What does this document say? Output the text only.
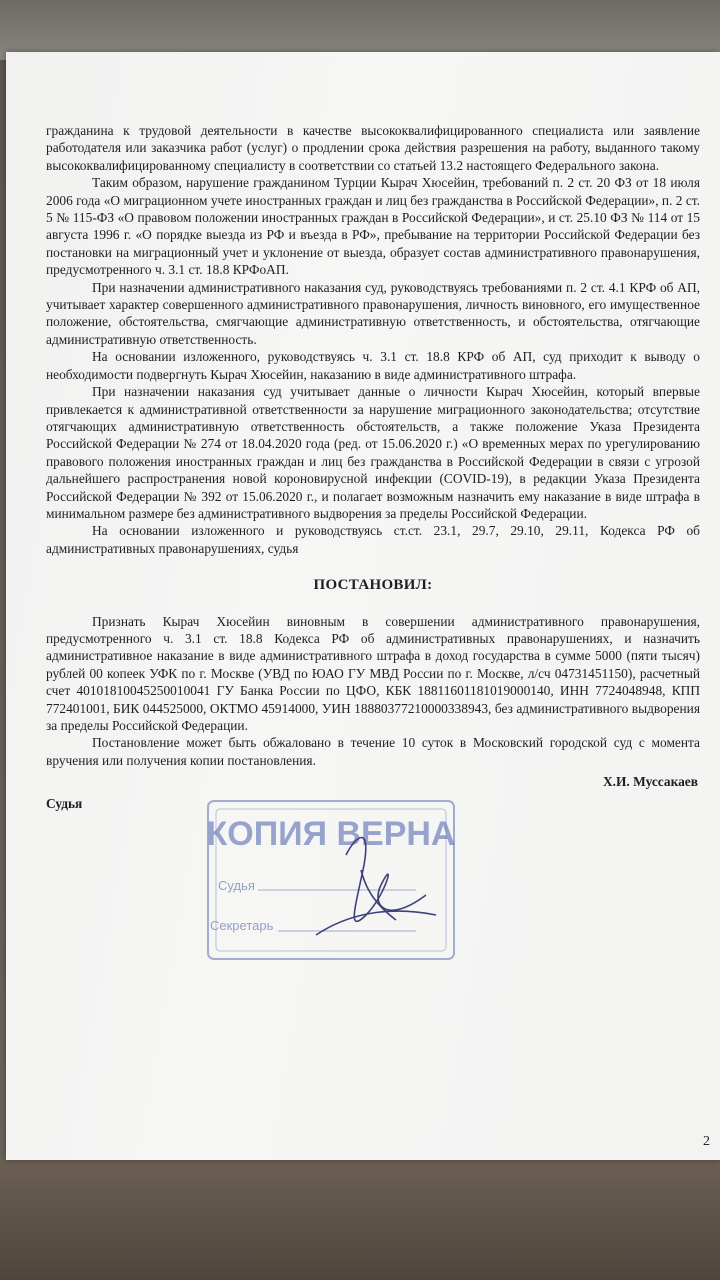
2

гражданина к трудовой деятельности в качестве высококвалифицированного специалиста или заявление работодателя или заказчика работ (услуг) о продлении срока действия разрешения на работу, выданного такому высококвалифицированному специалисту в соответствии со статьей 13.2 настоящего Федерального закона.

Таким образом, нарушение гражданином Турции Кырач Хюсейин, требований п. 2 ст. 20 ФЗ от 18 июля 2006 года «О миграционном учете иностранных граждан и лиц без гражданства в Российской Федерации», п. 2 ст. 5 № 115-ФЗ «О правовом положении иностранных граждан в Российской Федерации», и ст. 25.10 ФЗ № 114 от 15 августа 1996 г. «О порядке выезда из РФ и въезда в РФ», пребывание на территории Российской Федерации без постановки на миграционный учет и уклонение от выезда, образует состав административного правонарушения, предусмотренного ч. 3.1 ст. 18.8 КРФоАП.

При назначении административного наказания суд, руководствуясь требованиями п. 2 ст. 4.1 КРФ об АП, учитывает характер совершенного административного правонарушения, личность виновного, его имущественное положение, обстоятельства, смягчающие административную ответственность, и обстоятельства, отягчающие административную ответственность.

На основании изложенного, руководствуясь ч. 3.1 ст. 18.8 КРФ об АП, суд приходит к выводу о необходимости подвергнуть Кырач Хюсейин, наказанию в виде административного штрафа.

При назначении наказания суд учитывает данные о личности Кырач Хюсейин, который впервые привлекается к административной ответственности за нарушение миграционного законодательства; отсутствие отягчающих административную ответственность обстоятельств, а также положение Указа Президента Российской Федерации № 274 от 18.04.2020 года (ред. от 15.06.2020 г.) «О временных мерах по урегулированию правового положения иностранных граждан и лиц без гражданства в Российской Федерации в связи с угрозой дальнейшего распространения новой короновирусной инфекции (COVID-19), в редакции Указа Президента Российской Федерации № 392 от 15.06.2020 г., и полагает возможным назначить ему наказание в виде штрафа в минимальном размере без административного выдворения за пределы Российской Федерации.

На основании изложенного и руководствуясь ст.ст. 23.1, 29.7, 29.10, 29.11, Кодекса РФ об административных правонарушениях, судья

ПОСТАНОВИЛ:

Признать Кырач Хюсейин виновным в совершении административного правонарушения, предусмотренного ч. 3.1 ст. 18.8 Кодекса РФ об административных правонарушениях, и назначить административное наказание в виде административного штрафа в доход государства в сумме 5000 (пяти тысяч) рублей 00 копеек УФК по г. Москве (УВД по ЮАО ГУ МВД России по г. Москве, л/сч 04731451150), расчетный счет 40101810045250010041 ГУ Банка России по ЦФО, КБК 18811601181019000140, ИНН 7724048948, КПП 772401001, БИК 044525000, ОКТМО 45914000, УИН 18880377210000338943, без административного выдворения за пределы Российской Федерации.

Постановление может быть обжаловано в течение 10 суток в Московский городской суд с момента вручения или получения копии постановления.

Судья
Х.И. Муссакаев
КОПИЯ ВЕРНА
Судья
Секретарь
